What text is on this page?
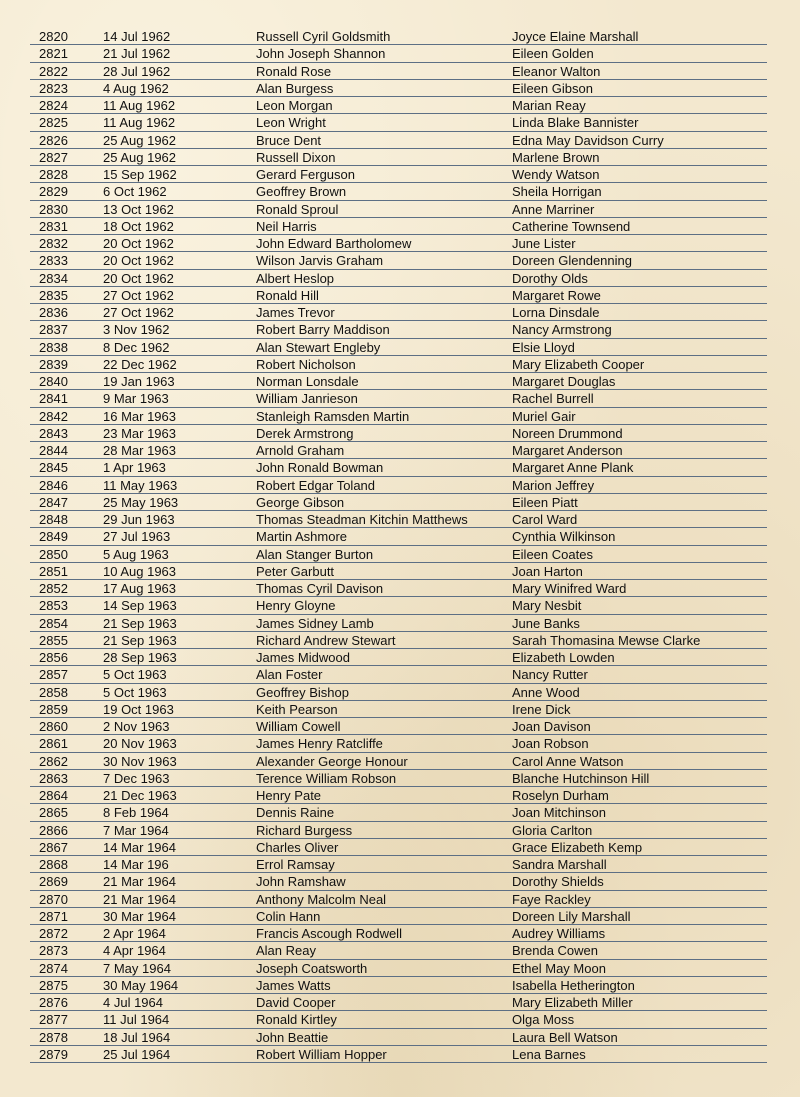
2820	14 Jul 1962	Russell Cyril Goldsmith	Joyce Elaine Marshall
2821	21 Jul 1962	John Joseph Shannon	Eileen Golden
2822	28 Jul 1962	Ronald Rose	Eleanor Walton
2823	4 Aug 1962	Alan Burgess	Eileen Gibson
2824	11 Aug 1962	Leon Morgan	Marian Reay
2825	11 Aug 1962	Leon Wright	Linda Blake Bannister
2826	25 Aug 1962	Bruce Dent	Edna May Davidson Curry
2827	25 Aug 1962	Russell Dixon	Marlene Brown
2828	15 Sep 1962	Gerard Ferguson	Wendy Watson
2829	6 Oct 1962	Geoffrey Brown	Sheila Horrigan
2830	13 Oct 1962	Ronald Sproul	Anne Marriner
2831	18 Oct 1962	Neil Harris	Catherine Townsend
2832	20 Oct 1962	John Edward Bartholomew	June Lister
2833	20 Oct 1962	Wilson Jarvis Graham	Doreen Glendenning
2834	20 Oct 1962	Albert Heslop	Dorothy Olds
2835	27 Oct 1962	Ronald Hill	Margaret Rowe
2836	27 Oct 1962	James Trevor	Lorna Dinsdale
2837	3 Nov 1962	Robert Barry Maddison	Nancy Armstrong
2838	8 Dec 1962	Alan Stewart Engleby	Elsie Lloyd
2839	22 Dec 1962	Robert Nicholson	Mary Elizabeth Cooper
2840	19 Jan 1963	Norman Lonsdale	Margaret Douglas
2841	9 Mar 1963	William Janrieson	Rachel Burrell
2842	16 Mar 1963	Stanleigh Ramsden Martin	Muriel Gair
2843	23 Mar 1963	Derek Armstrong	Noreen Drummond
2844	28 Mar 1963	Arnold Graham	Margaret Anderson
2845	1 Apr 1963	John Ronald Bowman	Margaret Anne Plank
2846	11 May 1963	Robert Edgar Toland	Marion Jeffrey
2847	25 May 1963	George Gibson	Eileen Piatt
2848	29 Jun 1963	Thomas Steadman Kitchin Matthews	Carol Ward
2849	27 Jul 1963	Martin Ashmore	Cynthia Wilkinson
2850	5 Aug 1963	Alan Stanger Burton	Eileen Coates
2851	10 Aug 1963	Peter Garbutt	Joan Harton
2852	17 Aug 1963	Thomas Cyril Davison	Mary Winifred Ward
2853	14 Sep 1963	Henry Gloyne	Mary Nesbit
2854	21 Sep 1963	James Sidney Lamb	June Banks
2855	21 Sep 1963	Richard Andrew Stewart	Sarah Thomasina Mewse Clarke
2856	28 Sep 1963	James Midwood	Elizabeth Lowden
2857	5 Oct 1963	Alan Foster	Nancy Rutter
2858	5 Oct 1963	Geoffrey Bishop	Anne Wood
2859	19 Oct 1963	Keith Pearson	Irene Dick
2860	2 Nov 1963	William Cowell	Joan Davison
2861	20 Nov 1963	James Henry Ratcliffe	Joan Robson
2862	30 Nov 1963	Alexander George Honour	Carol Anne Watson
2863	7 Dec 1963	Terence William Robson	Blanche Hutchinson Hill
2864	21 Dec 1963	Henry Pate	Roselyn Durham
2865	8 Feb 1964	Dennis Raine	Joan Mitchinson
2866	7 Mar 1964	Richard Burgess	Gloria Carlton
2867	14 Mar 1964	Charles Oliver	Grace Elizabeth Kemp
2868	14 Mar 196	Errol Ramsay	Sandra Marshall
2869	21 Mar 1964	John Ramshaw	Dorothy Shields
2870	21 Mar 1964	Anthony Malcolm Neal	Faye Rackley
2871	30 Mar 1964	Colin Hann	Doreen Lily Marshall
2872	2 Apr 1964	Francis Ascough Rodwell	Audrey Williams
2873	4 Apr 1964	Alan Reay	Brenda Cowen
2874	7 May 1964	Joseph Coatsworth	Ethel May Moon
2875	30 May 1964	James Watts	Isabella Hetherington
2876	4 Jul 1964	David Cooper	Mary Elizabeth Miller
2877	11 Jul 1964	Ronald Kirtley	Olga Moss
2878	18 Jul 1964	John Beattie	Laura Bell Watson
2879	25 Jul 1964	Robert William Hopper	Lena Barnes
